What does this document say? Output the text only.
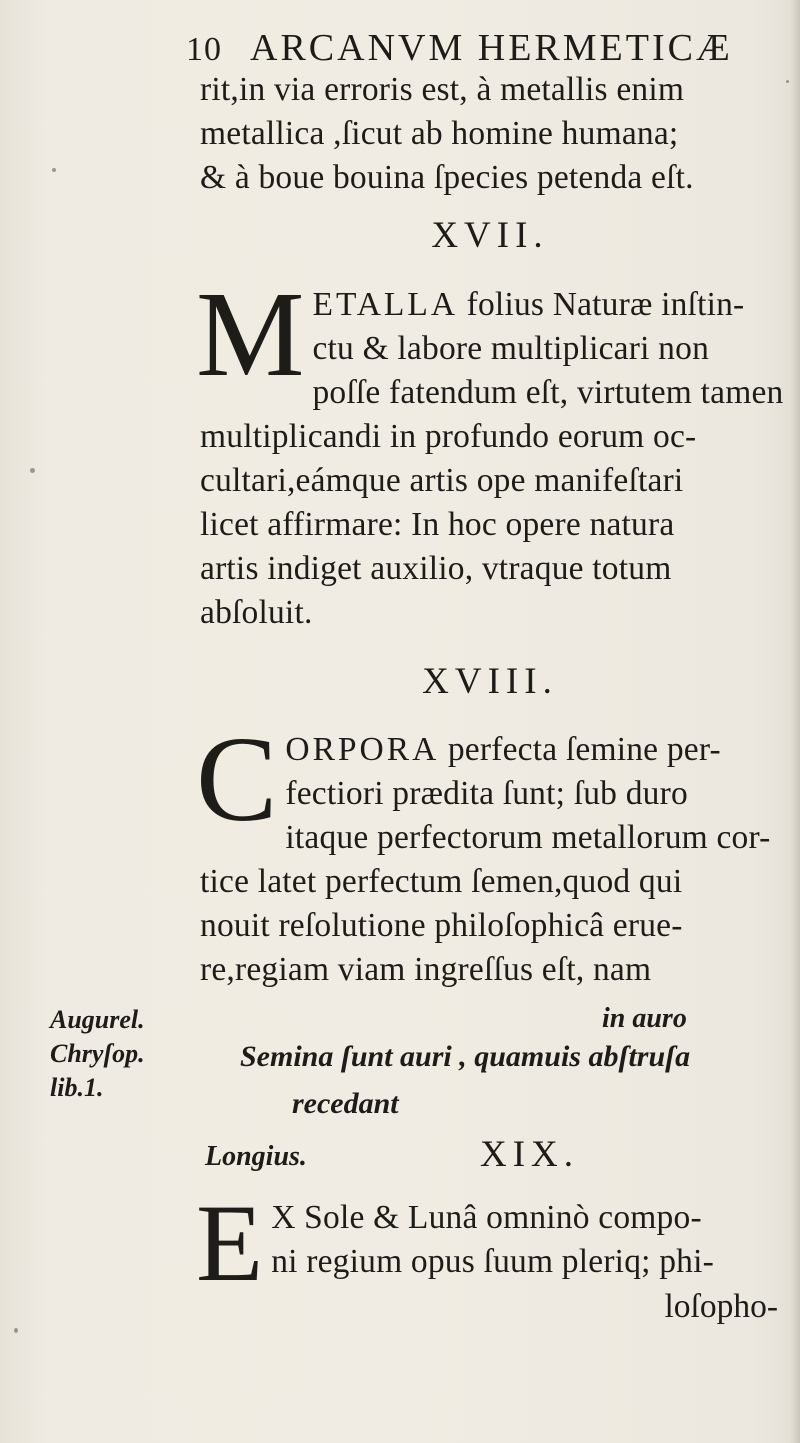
10 ARCANVM HERMETICÆ
rit,in via erroris est, à metallis enim
metallica ,ſicut ab homine humana;
& à boue bouina ſpecies petenda eſt.
XVII.
M ETALLA folius Naturæ inſtin-
ctu & labore multiplicari non
poſſe fatendum eſt, virtutem tamen
multiplicandi in profundo eorum oc-
cultari,eámque artis ope manifeſtari
licet affirmare: In hoc opere natura
artis indiget auxilio, vtraque totum
abſoluit.
XVIII.
C ORPORA perfecta ſemine per-
fectiori prædita ſunt; ſub duro
itaque perfectorum metallorum cor-
tice latet perfectum ſemen,quod qui
nouit reſolutione philoſophicâ erue-
re,regiam viam ingreſſus eſt, nam
Augurel.
Chryſop.
lib.1.
in auro
Semina ſunt auri , quamuis abſtruſa
recedant
Longius.	XIX.
E X Sole & Lunâ omninò compo-
ni regium opus ſuum pleriq; phi-
loſopho-
